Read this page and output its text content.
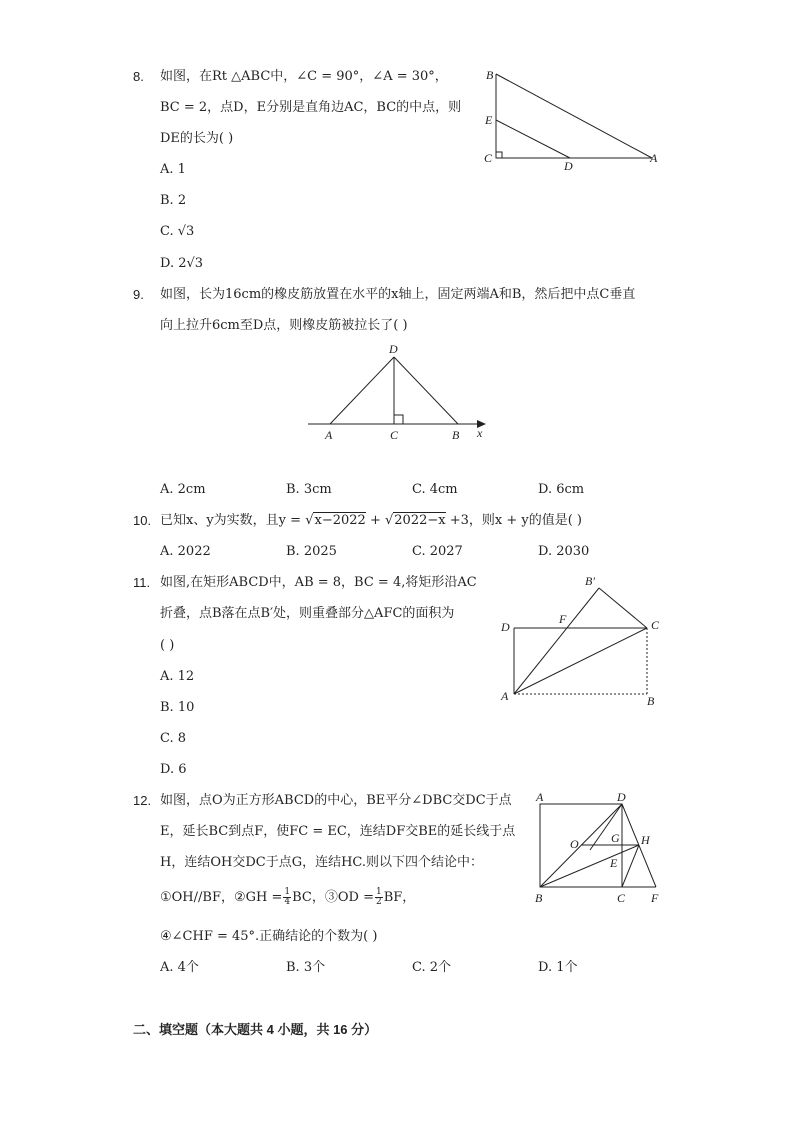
8. 如图，在Rt △ABC中，∠C = 90°，∠A = 30°，
BC = 2，点D，E分别是直角边AC，BC的中点，则
DE的长为( )
A. 1
B. 2
C. √3
D. 2√3
B
E
C
D
A
9. 如图，长为16cm的橡皮筋放置在水平的x轴上，固定两端A和B，然后把中点C垂直
向上拉升6cm至D点，则橡皮筋被拉长了( )
D
A	C	B x
A. 2cm	B. 3cm	C. 4cm	D. 6cm
10. 已知x、y为实数，且y = √x−2022 + √2022−x +3，则x + y的值是( )
A. 2022	B. 2025	C. 2027	D. 2030
11. 如图,在矩形ABCD中，AB = 8，BC = 4,将矩形沿AC
折叠，点B落在点B′处，则重叠部分△AFC的面积为
( )
A. 12
B. 10
C. 8
D. 6
B′
F
D	C
A	B
12. 如图，点O为正方形ABCD的中心，BE平分∠DBC交DC于点
E，延长BC到点F，使FC = EC，连结DF交BE的延长线于点
H，连结OH交DC于点G，连结HC.则以下四个结论中：
①OH//BF，②GH = $\frac{1}{4}$ BC，③OD = $\frac{1}{2}$ BF，
④∠CHF = 45°.正确结论的个数为( )
A. 4个	B. 3个	C. 2个	D. 1个
A	D
O	G H
E
B	C F
二、填空题（本大题共 4 小题，共 16 分）
